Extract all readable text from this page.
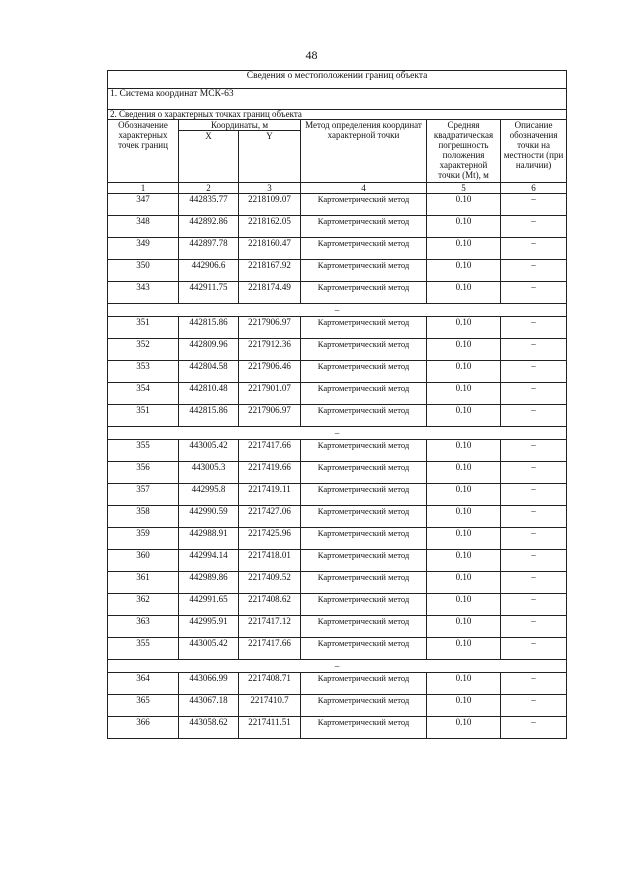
48
Сведения о местоположении границ объекта					
1. Система координат МСК-63					
2. Сведения о характерных точках границ объекта					
Обозначение характерных точек границ	Координаты, м		Метод определения координат характерной точки	Средняя квадратическая погрешность положения характерной точки (Mt), м	Описание обозначения точки на местности (при наличии)
	X	Y			
1	2	3	4	5	6
347	442835.77	2218109.07	Картометрический метод	0.10	–
348	442892.86	2218162.05	Картометрический метод	0.10	–
349	442897.78	2218160.47	Картометрический метод	0.10	–
350	442906.6	2218167.92	Картометрический метод	0.10	–
343	442911.75	2218174.49	Картометрический метод	0.10	–
–					
351	442815.86	2217906.97	Картометрический метод	0.10	–
352	442809.96	2217912.36	Картометрический метод	0.10	–
353	442804.58	2217906.46	Картометрический метод	0.10	–
354	442810.48	2217901.07	Картометрический метод	0.10	–
351	442815.86	2217906.97	Картометрический метод	0.10	–
–					
355	443005.42	2217417.66	Картометрический метод	0.10	–
356	443005.3	2217419.66	Картометрический метод	0.10	–
357	442995.8	2217419.11	Картометрический метод	0.10	–
358	442990.59	2217427.06	Картометрический метод	0.10	–
359	442988.91	2217425.96	Картометрический метод	0.10	–
360	442994.14	2217418.01	Картометрический метод	0.10	–
361	442989.86	2217409.52	Картометрический метод	0.10	–
362	442991.65	2217408.62	Картометрический метод	0.10	–
363	442995.91	2217417.12	Картометрический метод	0.10	–
355	443005.42	2217417.66	Картометрический метод	0.10	–
–					
364	443066.99	2217408.71	Картометрический метод	0.10	–
365	443067.18	2217410.7	Картометрический метод	0.10	–
366	443058.62	2217411.51	Картометрический метод	0.10	–
